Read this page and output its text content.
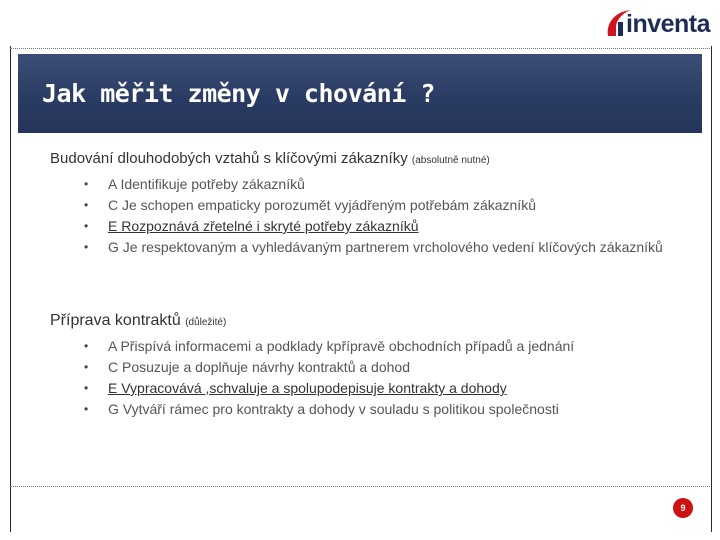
inventa
Jak měřit změny v chování ?
Budování dlouhodobých vztahů s klíčovými zákazníky (absolutně nutné)
• A Identifikuje potřeby zákazníků
• C Je schopen empaticky porozumět vyjádřeným potřebám zákazníků
• E Rozpoznává zřetelné i skryté potřeby zákazníků
• G Je respektovaným a vyhledávaným partnerem vrcholového vedení klíčových zákazníků
Příprava kontraktů (důležité)
• A Přispívá informacemi a podklady kpřípravě obchodních případů a jednání
• C Posuzuje a doplňuje návrhy kontraktů a dohod
• E Vypracovává ,schvaluje a spolupodepisuje kontrakty a dohody
• G Vytváří rámec pro kontrakty a dohody v souladu s politikou společnosti
9
